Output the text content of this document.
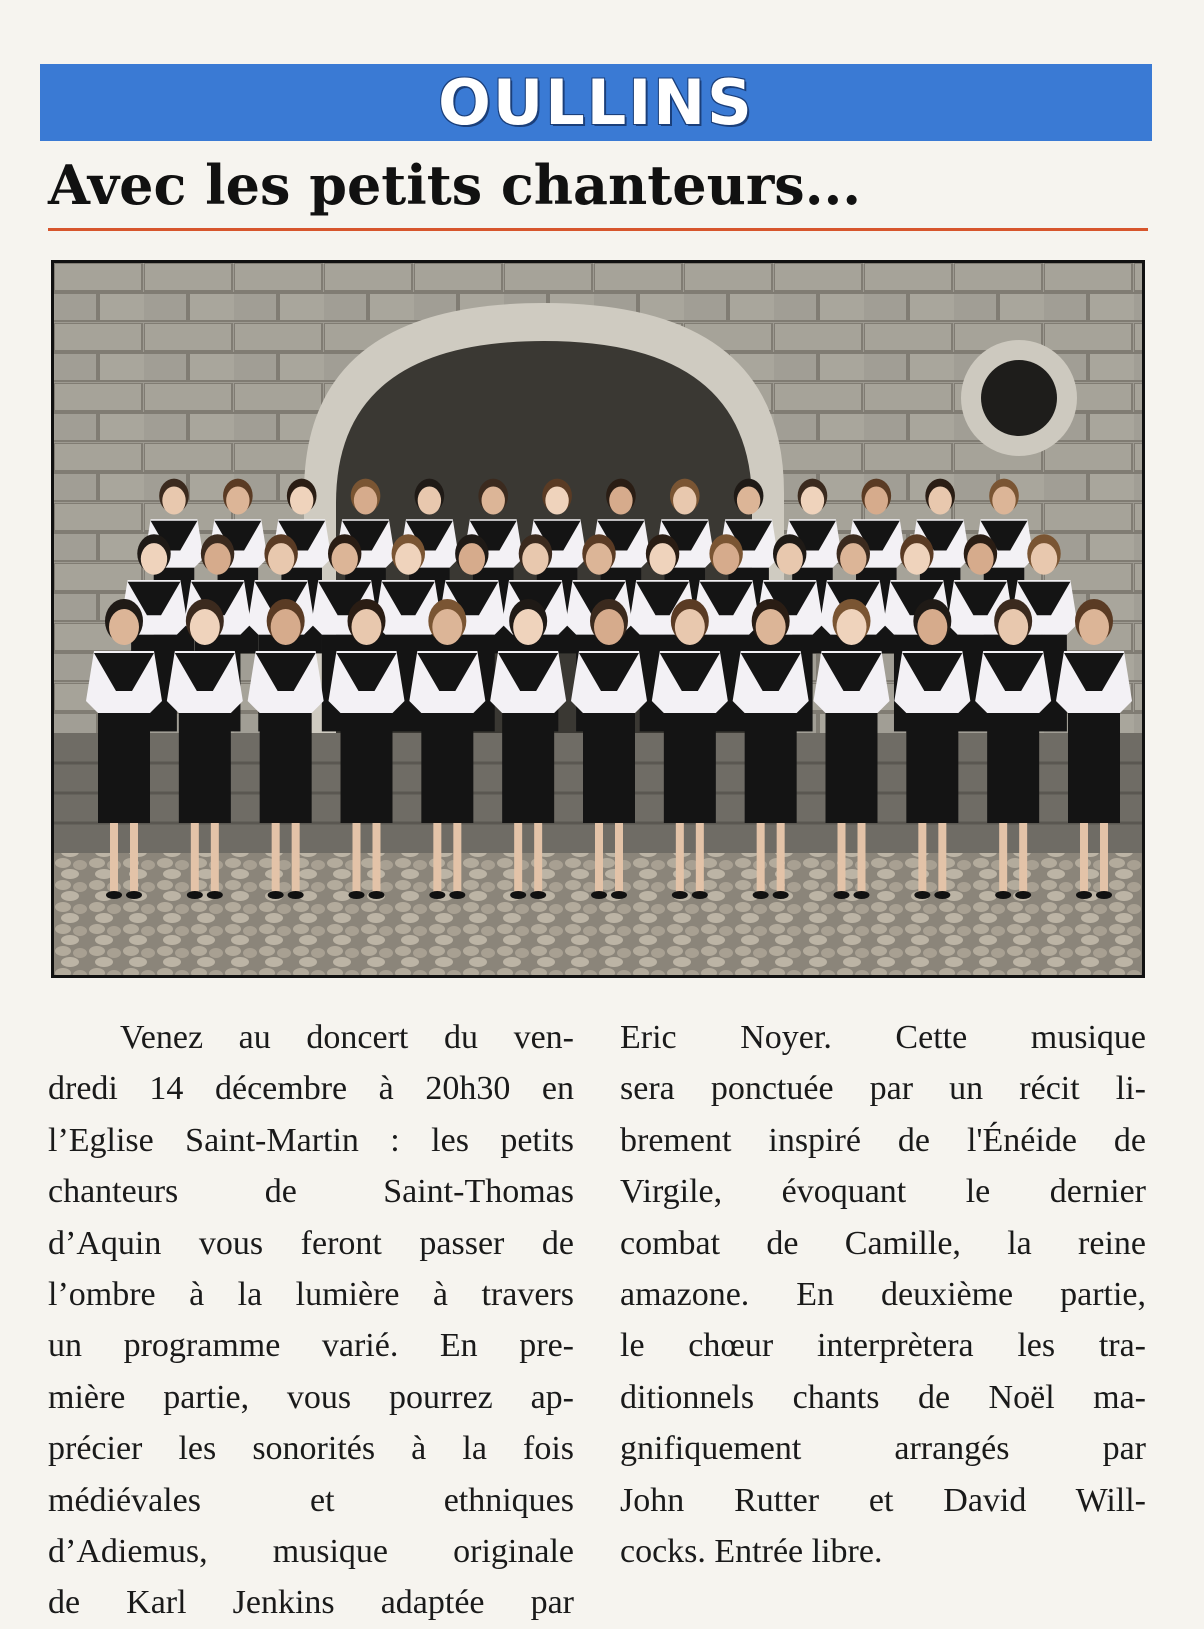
OULLINS
Avec les petits chanteurs...
Venez au doncert du ven-
dredi 14 décembre à 20h30 en
l’Eglise Saint-Martin : les petits
chanteurs de Saint-Thomas
d’Aquin vous feront passer de
l’ombre à la lumière à travers
un programme varié. En pre-
mière partie, vous pourrez ap-
précier les sonorités à la fois
médiévales et ethniques
d’Adiemus, musique originale
de Karl Jenkins adaptée par
Eric Noyer. Cette musique
sera ponctuée par un récit li-
brement inspiré de l'Énéide de
Virgile, évoquant le dernier
combat de Camille, la reine
amazone. En deuxième partie,
le chœur interprètera les tra-
ditionnels chants de Noël ma-
gnifiquement arrangés par
John Rutter et David Will-
cocks. Entrée libre.
